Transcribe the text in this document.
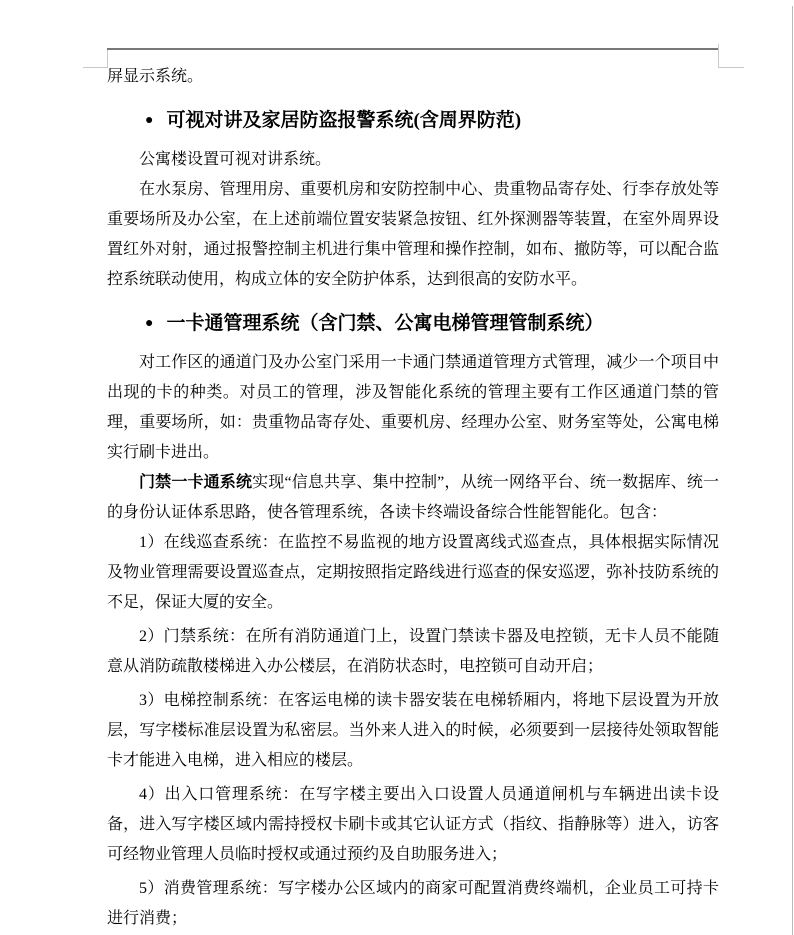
屏显示系统。

● 可视对讲及家居防盗报警系统(含周界防范)

公寓楼设置可视对讲系统。

在水泵房、管理用房、重要机房和安防控制中心、贵重物品寄存处、行李存放处等重要场所及办公室，在上述前端位置安装紧急按钮、红外探测器等装置，在室外周界设置红外对射，通过报警控制主机进行集中管理和操作控制，如布、撤防等，可以配合监控系统联动使用，构成立体的安全防护体系，达到很高的安防水平。

● 一卡通管理系统（含门禁、公寓电梯管理管制系统）

对工作区的通道门及办公室门采用一卡通门禁通道管理方式管理，减少一个项目中出现的卡的种类。对员工的管理，涉及智能化系统的管理主要有工作区通道门禁的管理，重要场所，如：贵重物品寄存处、重要机房、经理办公室、财务室等处，公寓电梯实行刷卡进出。

门禁一卡通系统实现“信息共享、集中控制”，从统一网络平台、统一数据库、统一的身份认证体系思路，使各管理系统，各读卡终端设备综合性能智能化。包含：

1）在线巡查系统：在监控不易监视的地方设置离线式巡查点，具体根据实际情况及物业管理需要设置巡查点，定期按照指定路线进行巡查的保安巡逻，弥补技防系统的不足，保证大厦的安全。

2）门禁系统：在所有消防通道门上，设置门禁读卡器及电控锁，无卡人员不能随意从消防疏散楼梯进入办公楼层，在消防状态时，电控锁可自动开启；

3）电梯控制系统：在客运电梯的读卡器安装在电梯轿厢内，将地下层设置为开放层，写字楼标准层设置为私密层。当外来人进入的时候，必须要到一层接待处领取智能卡才能进入电梯，进入相应的楼层。

4）出入口管理系统：在写字楼主要出入口设置人员通道闸机与车辆进出读卡设备，进入写字楼区域内需持授权卡刷卡或其它认证方式（指纹、指静脉等）进入，访客可经物业管理人员临时授权或通过预约及自助服务进入；

5）消费管理系统：写字楼办公区域内的商家可配置消费终端机，企业员工可持卡进行消费；
